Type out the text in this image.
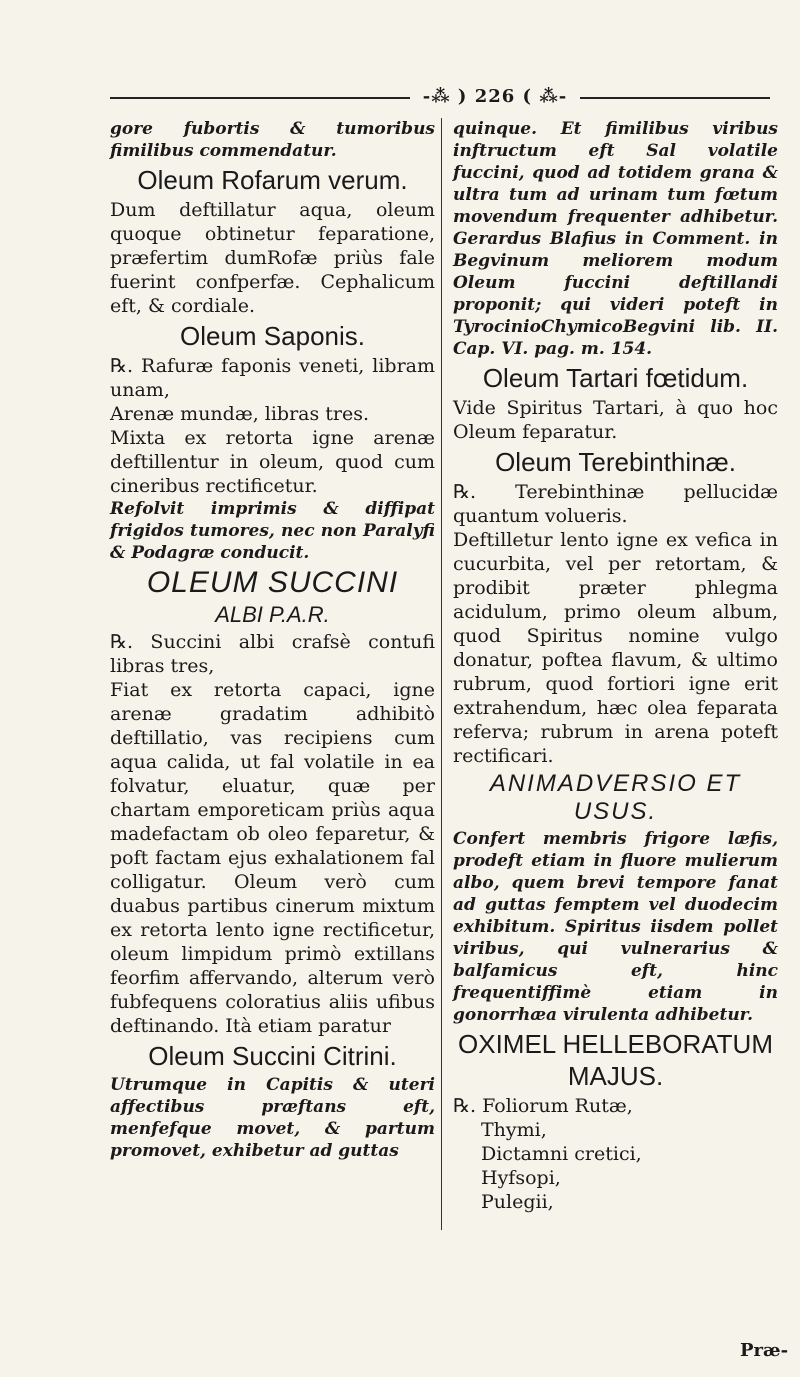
-⁂ ) 226 ( ⁂-

gore fubortis & tumoribus fimilibus commendatur.

Oleum Rofarum verum.

Dum deftillatur aqua, oleum quoque obtinetur feparatione, præfertim dumRofæ priùs fale fuerint confperfæ. Cephalicum eft, & cordiale.

Oleum Saponis.

℞. Rafuræ faponis veneti, libram unam,

Arenæ mundæ, libras tres.

Mixta ex retorta igne arenæ deftillentur in oleum, quod cum cineribus rectificetur.

Refolvit imprimis & diffipat frigidos tumores, nec non Paralyfi & Podagræ conducit.

OLEUM SUCCINI
ALBI P.A.R.

℞. Succini albi crafsè contufi libras tres,

Fiat ex retorta capaci, igne arenæ gradatim adhibitò deftillatio, vas recipiens cum aqua calida, ut fal volatile in ea folvatur, eluatur, quæ per chartam emporeticam priùs aqua madefactam ob oleo feparetur, & poft factam ejus exhalationem fal colligatur. Oleum verò cum duabus partibus cinerum mixtum ex retorta lento igne rectificetur, oleum limpidum primò extillans feorfim affervando, alterum verò fubfequens coloratius aliis ufibus deftinando. Ità etiam paratur

Oleum Succini Citrini.

Utrumque in Capitis & uteri affectibus præftans eft, menfefque movet, & partum promovet, exhibetur ad guttas

quinque. Et fimilibus viribus inftructum eft Sal volatile fuccini, quod ad totidem grana & ultra tum ad urinam tum fœtum movendum frequenter adhibetur. Gerardus Blafius in Comment. in Begvinum meliorem modum Oleum fuccini deftillandi proponit; qui videri poteft in TyrocinioChymicoBegvini lib. II. Cap. VI. pag. m. 154.

Oleum Tartari fœtidum.

Vide Spiritus Tartari, à quo hoc Oleum feparatur.

Oleum Terebinthinæ.

℞. Terebinthinæ pellucidæ quantum volueris.

Deftilletur lento igne ex vefica in cucurbita, vel per retortam, & prodibit præter phlegma acidulum, primo oleum album, quod Spiritus nomine vulgo donatur, poftea flavum, & ultimo rubrum, quod fortiori igne erit extrahendum, hæc olea feparata referva; rubrum in arena poteft rectificari.

ANIMADVERSIO ET USUS.

Confert membris frigore læfis, prodeft etiam in fluore mulierum albo, quem brevi tempore fanat ad guttas femptem vel duodecim exhibitum. Spiritus iisdem pollet viribus, qui vulnerarius & balfamicus eft, hinc frequentiffimè etiam in gonorrhæa virulenta adhibetur.

OXIMEL HELLEBORATUM MAJUS.

℞. Foliorum Rutæ,

Thymi,

Dictamni cretici,

Hyfsopi,

Pulegii,

Præ-
